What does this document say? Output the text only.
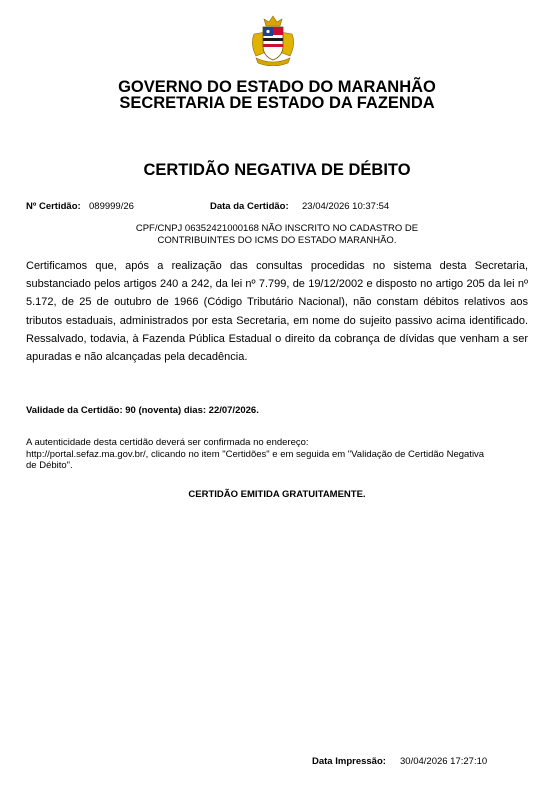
GOVERNO DO ESTADO DO MARANHÃO
SECRETARIA DE ESTADO DA FAZENDA
CERTIDÃO NEGATIVA DE DÉBITO
Nº Certidão: 089999/26	Data da Certidão: 23/04/2026 10:37:54
CPF/CNPJ 06352421000168 NÃO INSCRITO NO CADASTRO DE
CONTRIBUINTES DO ICMS DO ESTADO MARANHÃO.
Certificamos que, após a realização das consultas procedidas no sistema desta Secretaria, substanciado pelos artigos 240 a 242, da lei nº 7.799, de 19/12/2002 e disposto no artigo 205 da lei nº 5.172, de 25 de outubro de 1966 (Código Tributário Nacional), não constam débitos relativos aos tributos estaduais, administrados por esta Secretaria, em nome do sujeito passivo acima identificado. Ressalvado, todavia, à Fazenda Pública Estadual o direito da cobrança de dívidas que venham a ser apuradas e não alcançadas pela decadência.
Validade da Certidão: 90 (noventa) dias: 22/07/2026.
A autenticidade desta certidão deverá ser confirmada no endereço:
http://portal.sefaz.ma.gov.br/, clicando no item "Certidões" e em seguida em "Validação de Certidão Negativa
de Débito".
CERTIDÃO EMITIDA GRATUITAMENTE.
Data Impressão: 30/04/2026 17:27:10
